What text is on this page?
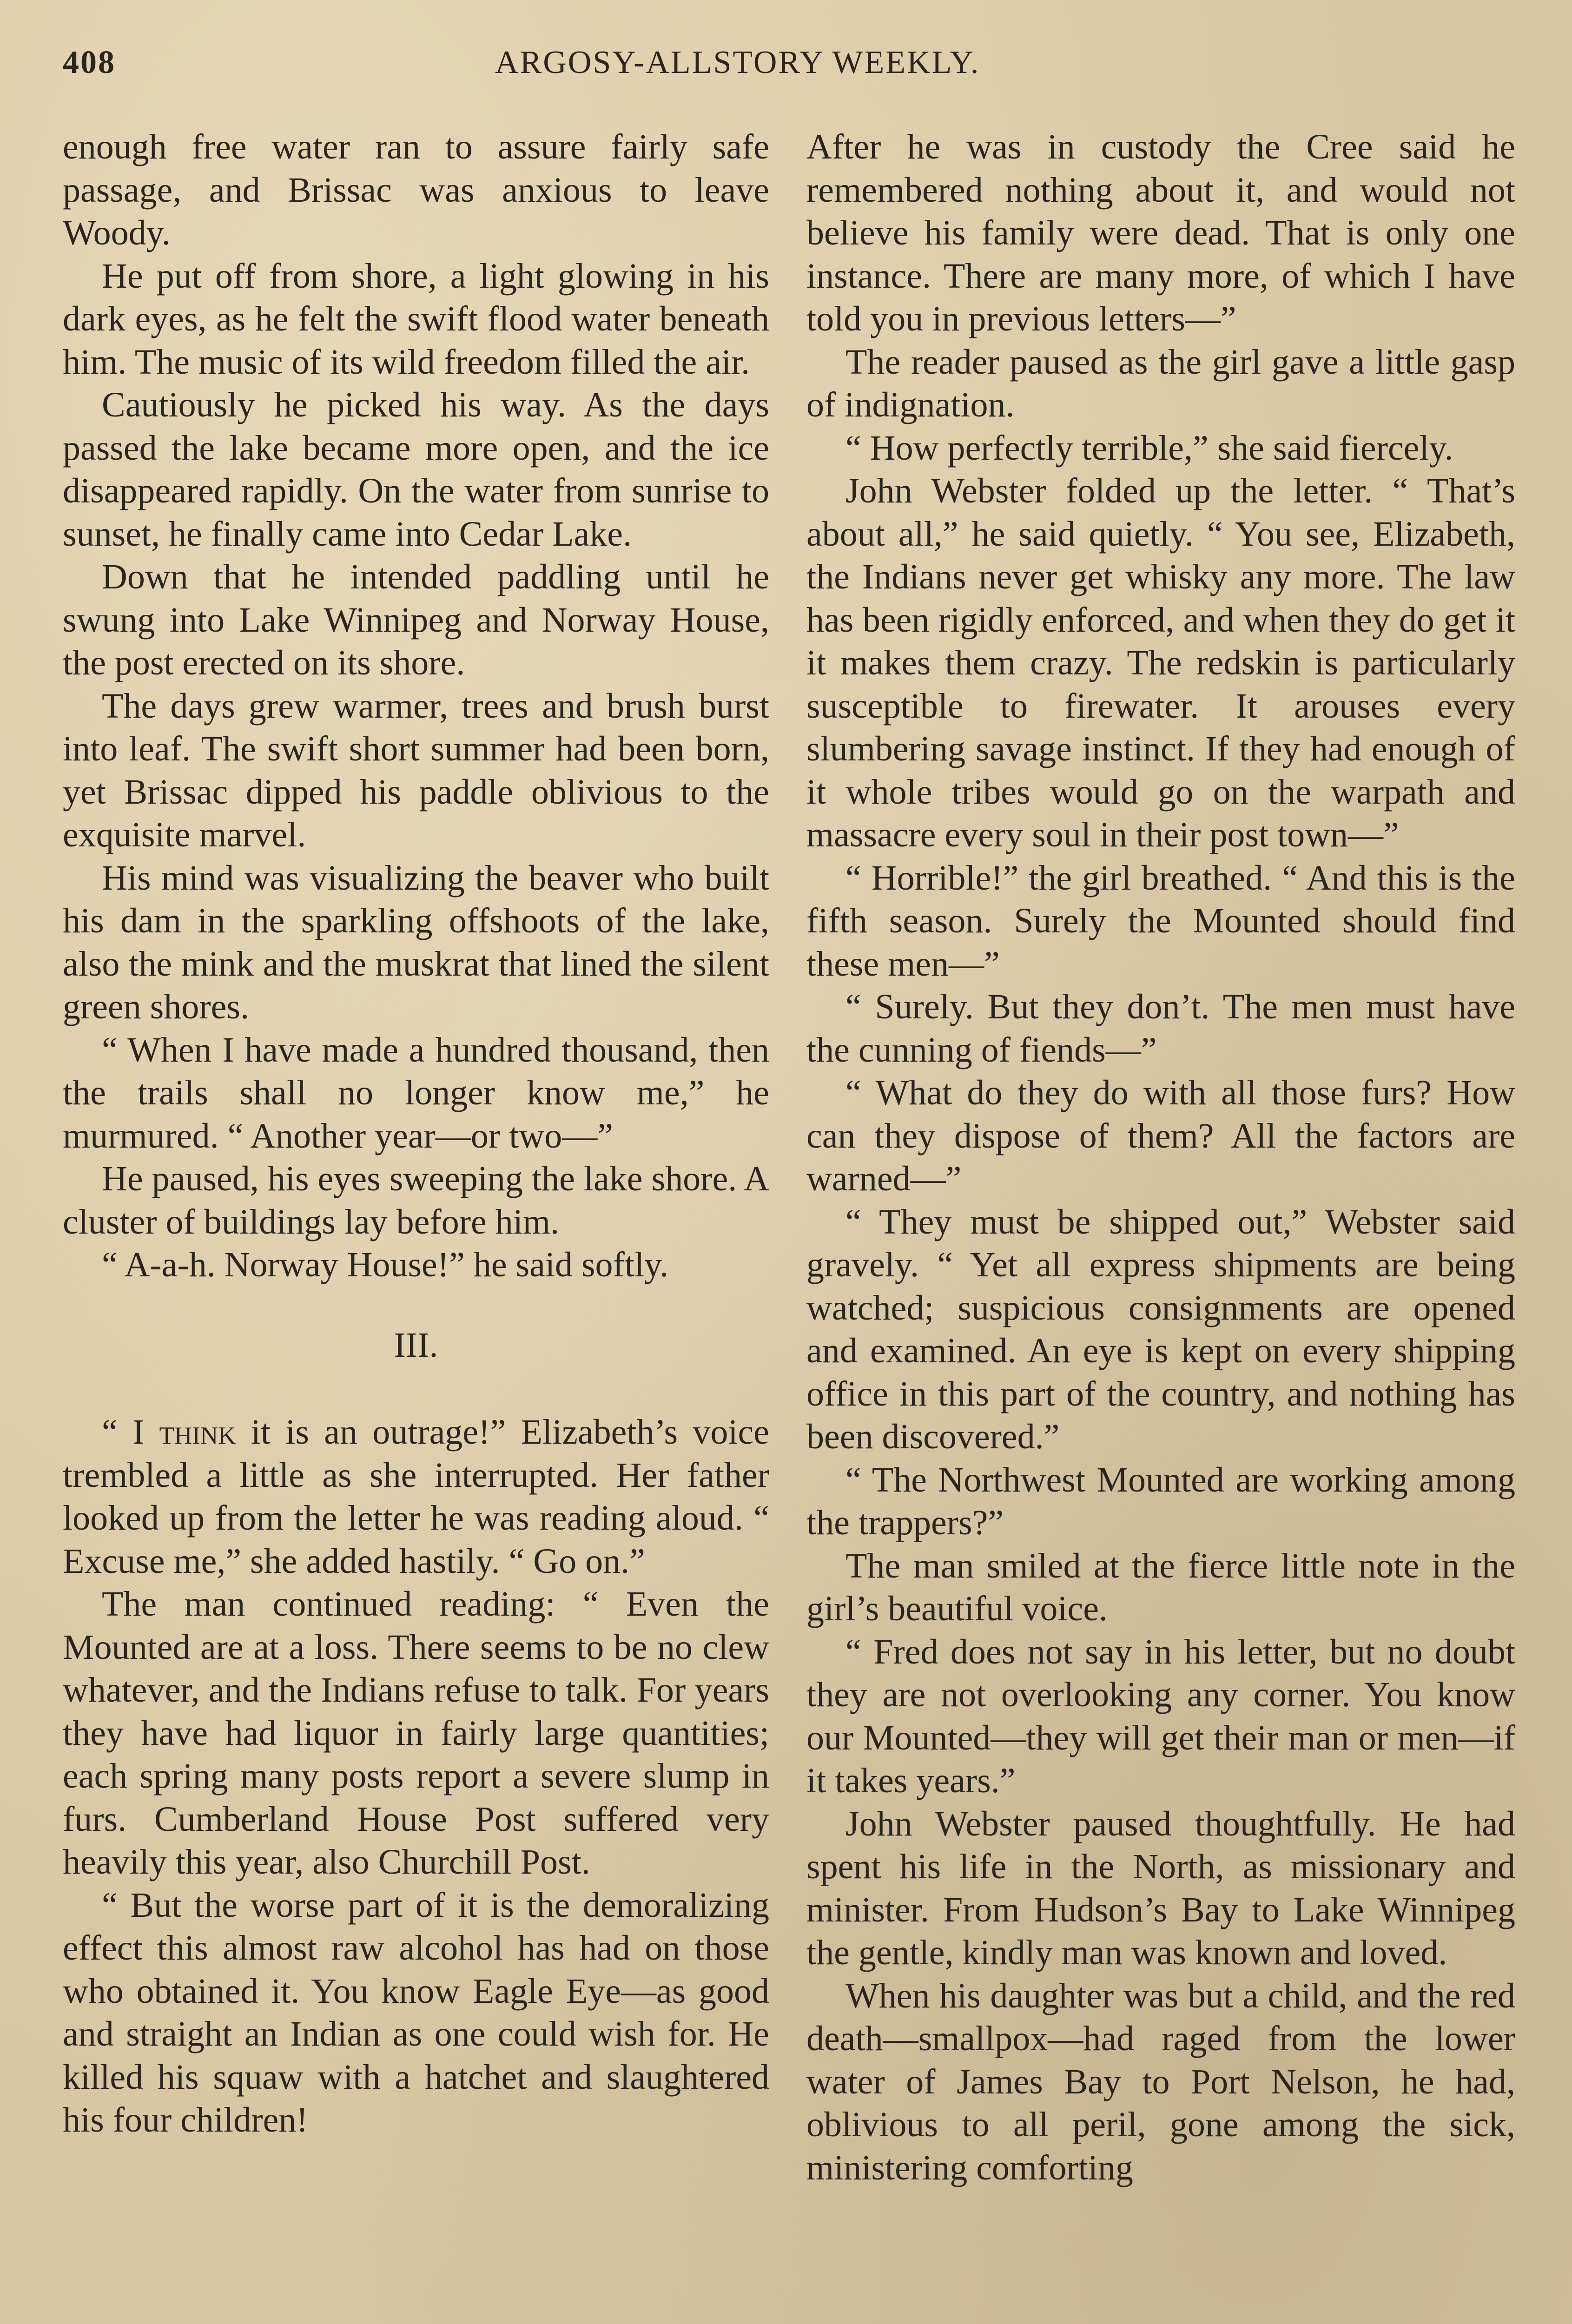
408	ARGOSY-ALLSTORY WEEKLY.

enough free water ran to assure fairly safe passage, and Brissac was anxious to leave Woody.

He put off from shore, a light glowing in his dark eyes, as he felt the swift flood water beneath him. The music of its wild freedom filled the air.

Cautiously he picked his way. As the days passed the lake became more open, and the ice disappeared rapidly. On the water from sunrise to sunset, he finally came into Cedar Lake.

Down that he intended paddling until he swung into Lake Winnipeg and Norway House, the post erected on its shore.

The days grew warmer, trees and brush burst into leaf. The swift short summer had been born, yet Brissac dipped his paddle oblivious to the exquisite marvel.

His mind was visualizing the beaver who built his dam in the sparkling offshoots of the lake, also the mink and the muskrat that lined the silent green shores.

“ When I have made a hundred thousand, then the trails shall no longer know me,” he murmured. “ Another year—or two—”

He paused, his eyes sweeping the lake shore. A cluster of buildings lay before him.

“ A-a-h. Norway House!” he said softly.

III.

“ I think it is an outrage!” Elizabeth’s voice trembled a little as she interrupted. Her father looked up from the letter he was reading aloud. “ Excuse me,” she added hastily. “ Go on.”

The man continued reading: “ Even the Mounted are at a loss. There seems to be no clew whatever, and the Indians refuse to talk. For years they have had liquor in fairly large quantities; each spring many posts report a severe slump in furs. Cumberland House Post suffered very heavily this year, also Churchill Post.

“ But the worse part of it is the demoralizing effect this almost raw alcohol has had on those who obtained it. You know Eagle Eye—as good and straight an Indian as one could wish for. He killed his squaw with a hatchet and slaughtered his four children!

After he was in custody the Cree said he remembered nothing about it, and would not believe his family were dead. That is only one instance. There are many more, of which I have told you in previous letters—”

The reader paused as the girl gave a little gasp of indignation.

“ How perfectly terrible,” she said fiercely.

John Webster folded up the letter. “ That’s about all,” he said quietly. “ You see, Elizabeth, the Indians never get whisky any more. The law has been rigidly enforced, and when they do get it it makes them crazy. The redskin is particularly susceptible to firewater. It arouses every slumbering savage instinct. If they had enough of it whole tribes would go on the warpath and massacre every soul in their post town—”

“ Horrible!” the girl breathed. “ And this is the fifth season. Surely the Mounted should find these men—”

“ Surely. But they don’t. The men must have the cunning of fiends—”

“ What do they do with all those furs? How can they dispose of them? All the factors are warned—”

“ They must be shipped out,” Webster said gravely. “ Yet all express shipments are being watched; suspicious consignments are opened and examined. An eye is kept on every shipping office in this part of the country, and nothing has been discovered.”

“ The Northwest Mounted are working among the trappers?”

The man smiled at the fierce little note in the girl’s beautiful voice.

“ Fred does not say in his letter, but no doubt they are not overlooking any corner. You know our Mounted—they will get their man or men—if it takes years.”

John Webster paused thoughtfully. He had spent his life in the North, as missionary and minister. From Hudson’s Bay to Lake Winnipeg the gentle, kindly man was known and loved.

When his daughter was but a child, and the red death—smallpox—had raged from the lower water of James Bay to Port Nelson, he had, oblivious to all peril, gone among the sick, ministering comforting
